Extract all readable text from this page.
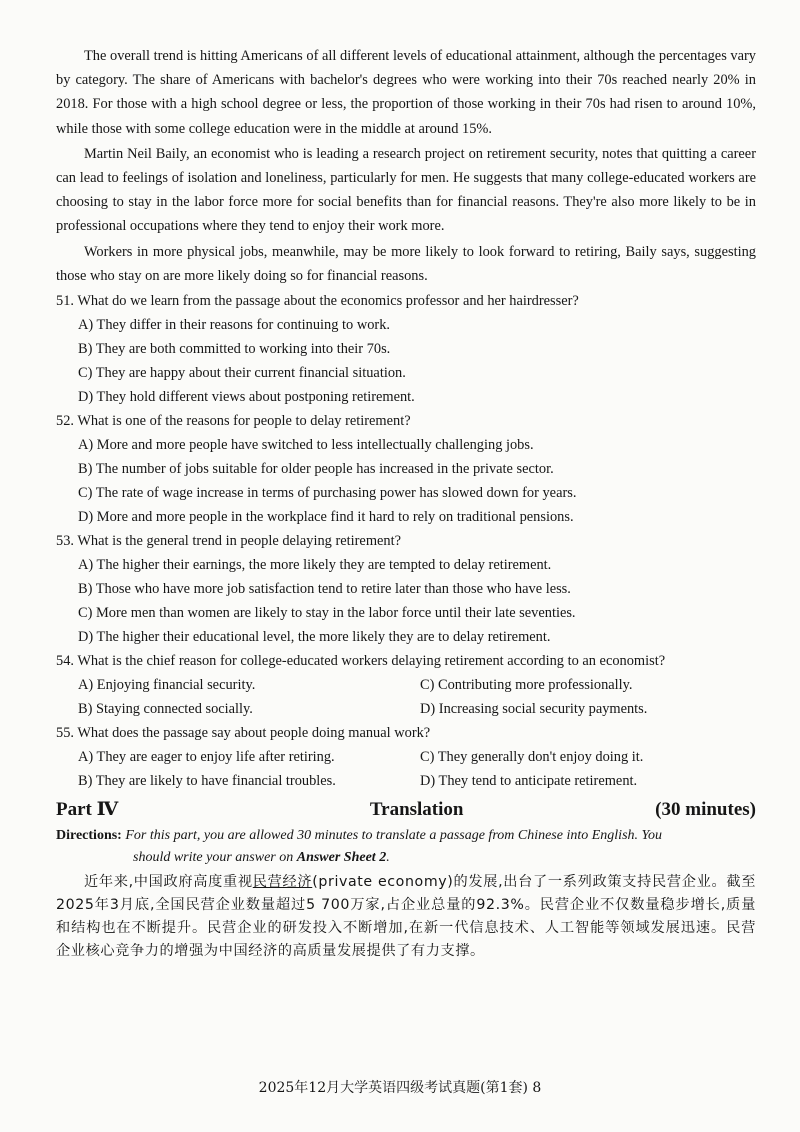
The overall trend is hitting Americans of all different levels of educational attainment, although the percentages vary by category. The share of Americans with bachelor's degrees who were working into their 70s reached nearly 20% in 2018. For those with a high school degree or less, the proportion of those working in their 70s had risen to around 10%, while those with some college education were in the middle at around 15%.

Martin Neil Baily, an economist who is leading a research project on retirement security, notes that quitting a career can lead to feelings of isolation and loneliness, particularly for men. He suggests that many college-educated workers are choosing to stay in the labor force more for social benefits than for financial reasons. They're also more likely to be in professional occupations where they tend to enjoy their work more.

Workers in more physical jobs, meanwhile, may be more likely to look forward to retiring, Baily says, suggesting those who stay on are more likely doing so for financial reasons.

51. What do we learn from the passage about the economics professor and her hairdresser?

A) They differ in their reasons for continuing to work.

B) They are both committed to working into their 70s.

C) They are happy about their current financial situation.

D) They hold different views about postponing retirement.

52. What is one of the reasons for people to delay retirement?

A) More and more people have switched to less intellectually challenging jobs.

B) The number of jobs suitable for older people has increased in the private sector.

C) The rate of wage increase in terms of purchasing power has slowed down for years.

D) More and more people in the workplace find it hard to rely on traditional pensions.

53. What is the general trend in people delaying retirement?

A) The higher their earnings, the more likely they are tempted to delay retirement.

B) Those who have more job satisfaction tend to retire later than those who have less.

C) More men than women are likely to stay in the labor force until their late seventies.

D) The higher their educational level, the more likely they are to delay retirement.

54. What is the chief reason for college-educated workers delaying retirement according to an economist?

A) Enjoying financial security.	C) Contributing more professionally.
B) Staying connected socially.	D) Increasing social security payments.

55. What does the passage say about people doing manual work?

A) They are eager to enjoy life after retiring.	C) They generally don't enjoy doing it.
B) They are likely to have financial troubles.	D) They tend to anticipate retirement.
Part Ⅳ	Translation	(30 minutes)

Directions: For this part, you are allowed 30 minutes to translate a passage from Chinese into English. You

should write your answer on Answer Sheet 2.

近年来,中国政府高度重视民营经济(private economy)的发展,出台了一系列政策支持民营企业。截至2025年3月底,全国民营企业数量超过5 700万家,占企业总量的92.3%。民营企业不仅数量稳步增长,质量和结构也在不断提升。民营企业的研发投入不断增加,在新一代信息技术、人工智能等领域发展迅速。民营企业核心竞争力的增强为中国经济的高质量发展提供了有力支撑。

2025年12月大学英语四级考试真题(第1套) 8
